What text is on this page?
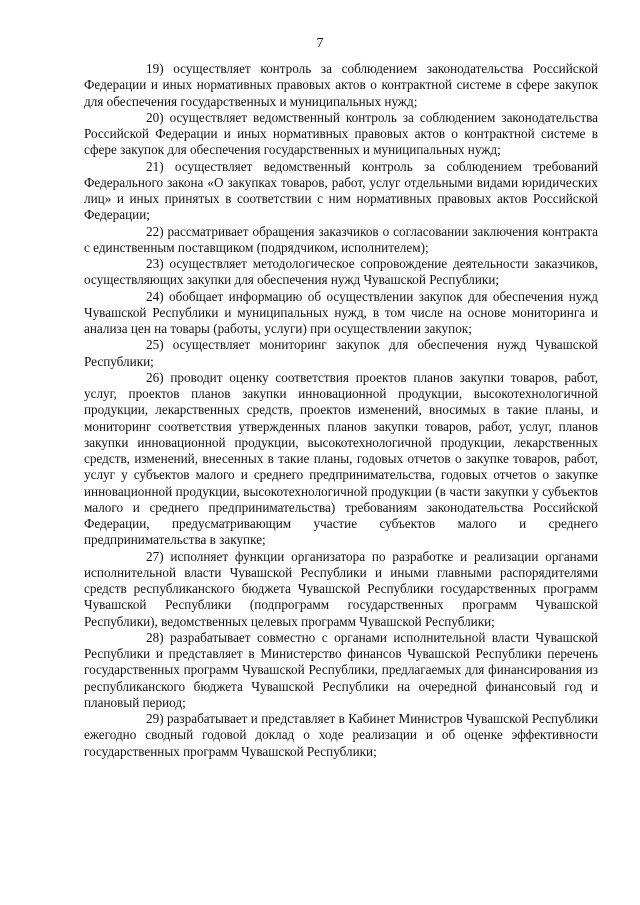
7

19) осуществляет контроль за соблюдением законодательства Российской Федерации и иных нормативных правовых актов о контрактной системе в сфере закупок для обеспечения государственных и муниципальных нужд;

20) осуществляет ведомственный контроль за соблюдением законодательства Российской Федерации и иных нормативных правовых актов о контрактной системе в сфере закупок для обеспечения государственных и муниципальных нужд;

21) осуществляет ведомственный контроль за соблюдением требований Федерального закона «О закупках товаров, работ, услуг отдельными видами юридических лиц» и иных принятых в соответствии с ним нормативных правовых актов Российской Федерации;

22) рассматривает обращения заказчиков о согласовании заключения контракта с единственным поставщиком (подрядчиком, исполнителем);

23) осуществляет методологическое сопровождение деятельности заказчиков, осуществляющих закупки для обеспечения нужд Чувашской Республики;

24) обобщает информацию об осуществлении закупок для обеспечения нужд Чувашской Республики и муниципальных нужд, в том числе на основе мониторинга и анализа цен на товары (работы, услуги) при осуществлении закупок;

25) осуществляет мониторинг закупок для обеспечения нужд Чувашской Республики;

26) проводит оценку соответствия проектов планов закупки товаров, работ, услуг, проектов планов закупки инновационной продукции, высокотехнологичной продукции, лекарственных средств, проектов изменений, вносимых в такие планы, и мониторинг соответствия утвержденных планов закупки товаров, работ, услуг, планов закупки инновационной продукции, высокотехнологичной продукции, лекарственных средств, изменений, внесенных в такие планы, годовых отчетов о закупке товаров, работ, услуг у субъектов малого и среднего предпринимательства, годовых отчетов о закупке инновационной продукции, высокотехнологичной продукции (в части закупки у субъектов малого и среднего предпринимательства) требованиям законодательства Российской Федерации, предусматривающим участие субъектов малого и среднего предпринимательства в закупке;

27) исполняет функции организатора по разработке и реализации органами исполнительной власти Чувашской Республики и иными главными распорядителями средств республиканского бюджета Чувашской Республики государственных программ Чувашской Республики (подпрограмм государственных программ Чувашской Республики), ведомственных целевых программ Чувашской Республики;

28) разрабатывает совместно с органами исполнительной власти Чувашской Республики и представляет в Министерство финансов Чувашской Республики перечень государственных программ Чувашской Республики, предлагаемых для финансирования из республиканского бюджета Чувашской Республики на очередной финансовый год и плановый период;

29) разрабатывает и представляет в Кабинет Министров Чувашской Республики ежегодно сводный годовой доклад о ходе реализации и об оценке эффективности государственных программ Чувашской Республики;
